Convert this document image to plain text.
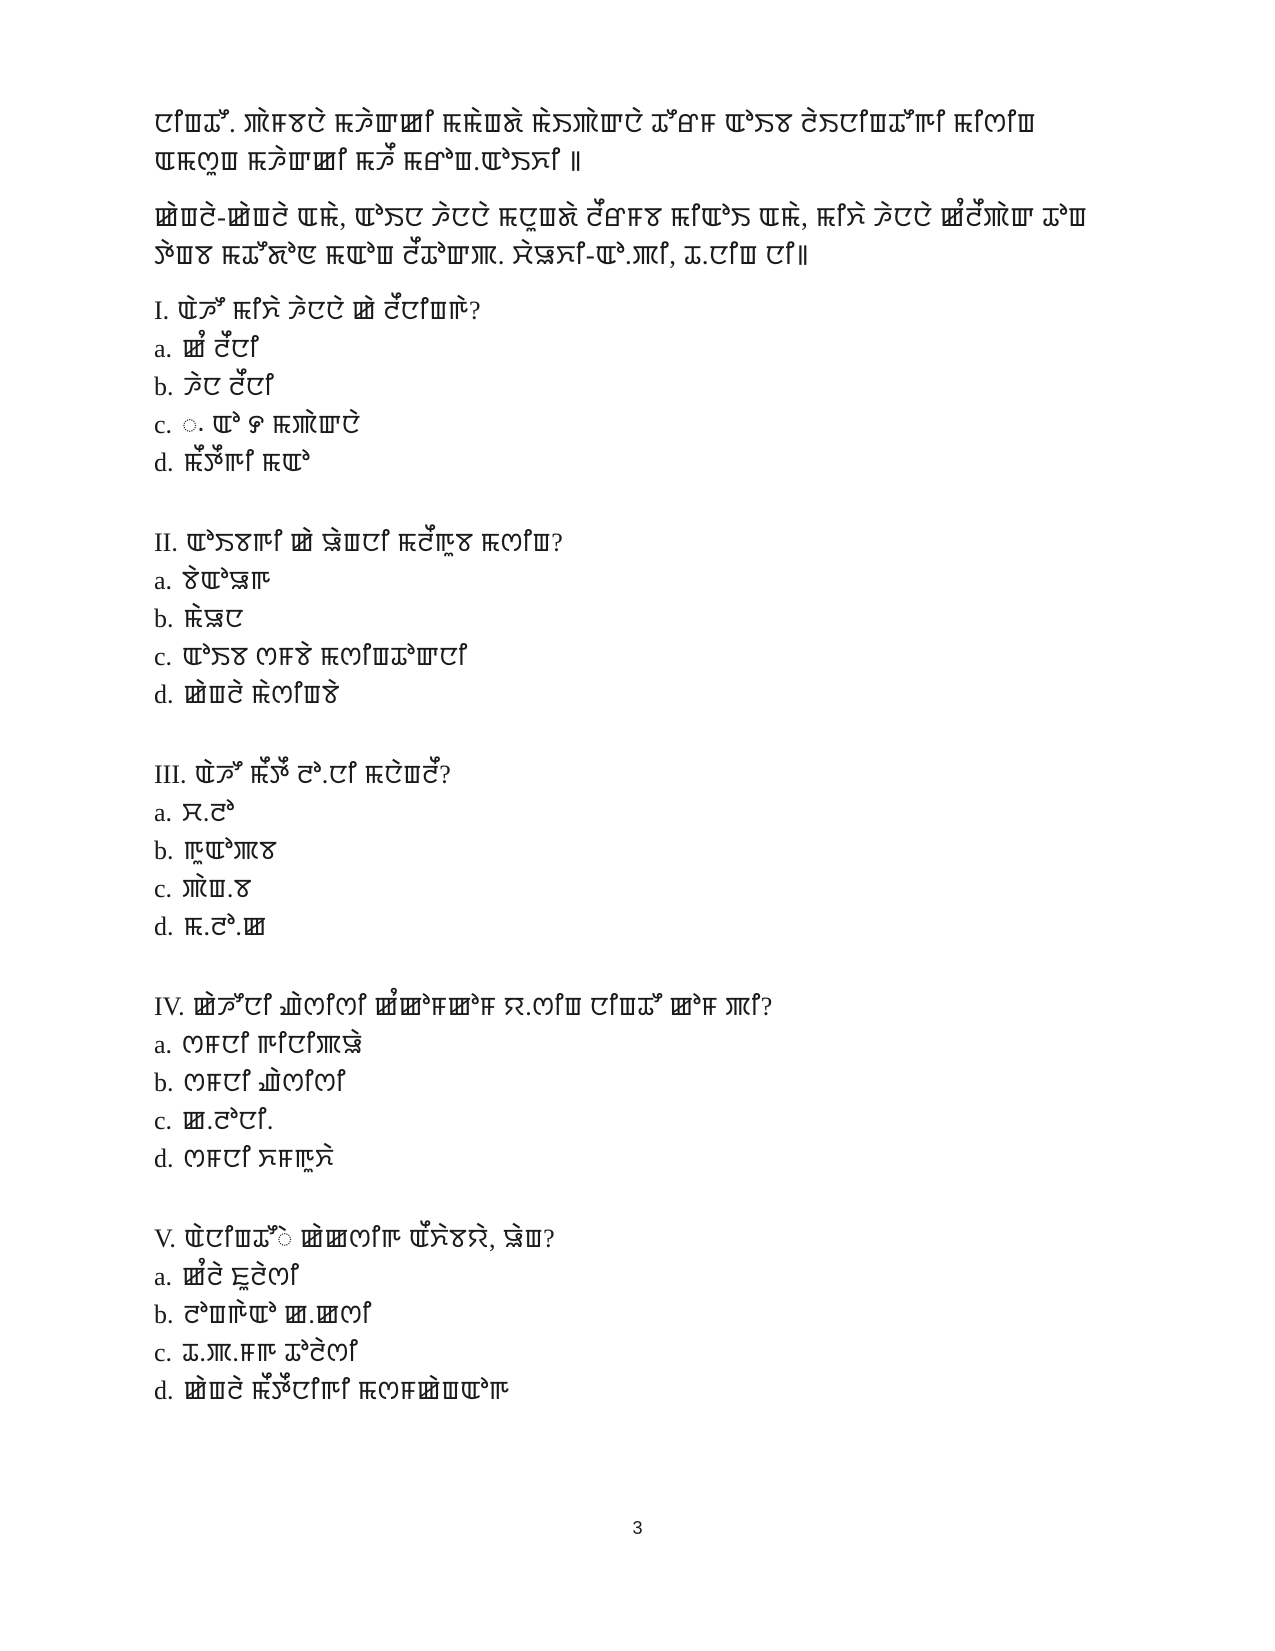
ꯅꯤꯡꯊꯧ. ꯄꯥꯝꯕꯅꯥ ꯃꯍꯥꯛꯀꯤ ꯃꯃꯥꯡꯗꯥ ꯃꯥꯏꯄꯥꯛꯅꯥ ꯊꯧꯔꯝ ꯑꯣꯏꯕ ꯂꯥꯏꯅꯤꯡꯊꯧꯒꯤ ꯃꯤꯁꯤꯡ ꯑꯃꯁꯨꯡ ꯃꯍꯥꯛꯀꯤ ꯃꯍꯩ ꯃꯔꯣꯡ.ꯑꯣꯏꯈꯤ ꯫

ꯀꯥꯡꯂꯥ-ꯀꯥꯡꯂꯥ ꯑꯃꯥ, ꯑꯣꯏꯅ ꯍꯥꯅꯅꯥ ꯃꯅꯨꯡꯗꯥ ꯂꯩꯔꯝꯕ ꯃꯤꯑꯣꯏ ꯑꯃꯥ, ꯃꯤꯈꯥ ꯍꯥꯅꯅꯥ ꯀꯪꯂꯩꯄꯥꯛ ꯊꯣꯡ ꯇꯥꯡꯕ ꯃꯊꯧꯗꯣꯟ ꯃꯑꯣꯡ ꯂꯩꯊꯣꯛꯄ. ꯆꯥꯎꯈꯤ-ꯑꯣ.ꯄꯤ, ꯊ.ꯅꯤꯡ ꯅꯤ꯫

I. ꯑꯥꯍꯧ ꯃꯤꯈꯥ ꯍꯥꯅꯅꯥ ꯀꯥ ꯂꯩꯅꯤꯡꯒꯥ?
a. ꯀꯪ ꯂꯩꯅꯤ
b. ꯍꯥꯅ ꯂꯩꯅꯤ
c. ꯬ ꯑꯣ ꯸ ꯃꯄꯥꯛꯅꯥ
d. ꯃꯩꯇꯩꯒꯤ ꯃꯑꯣ
II. ꯑꯣꯏꯕꯒꯤ ꯀꯥ ꯎꯥꯡꯅꯤ ꯃꯂꯩꯒꯨꯕ ꯃꯁꯤꯡ?
a. ꯕꯥꯑꯣꯎꯒ
b. ꯃꯥꯎꯅ
c. ꯑꯣꯏꯕ ꯁꯝꯕꯥ ꯃꯁꯤꯡꯊꯣꯛꯅꯤ
d. ꯀꯥꯡꯂꯥ ꯃꯥꯁꯤꯡꯕꯥ
III. ꯑꯥꯍꯧ ꯃꯩꯇꯩ ꯂꯣ.ꯅꯤ ꯃꯅꯥꯡꯂꯩ?
a. ꯆ.ꯂꯣ
b. ꯒꯨꯑꯣꯄꯕ
c. ꯄꯥꯡ.ꯕ
d. ꯃ.ꯂꯣ.ꯀ
IV. ꯀꯥꯍꯧꯅꯤ ꯉꯥꯁꯤꯁꯤ ꯀꯪꯀꯣꯝꯀꯣꯝ ꯌ.ꯁꯤꯡ ꯅꯤꯡꯊꯧ ꯀꯣꯝ ꯄꯤ?
a. ꯁꯝꯅꯤ ꯒꯤꯅꯤꯄꯎꯥ
b. ꯁꯝꯅꯤ ꯉꯥꯁꯤꯁꯤ
c. ꯀ.ꯂꯣꯅꯤ.
d. ꯁꯝꯅꯤ ꯈꯝꯒꯨꯈꯥ
V. ꯑꯥꯅꯤꯡꯊꯧꯥ ꯀꯥꯀꯁꯤꯒ ꯑꯩꯈꯥꯕꯌꯥ, ꯎꯥꯡ?
a. ꯀꯪꯂꯥ ꯐꯨꯂꯥꯁꯤ
b. ꯂꯣꯡꯒꯥꯑꯣ ꯀ.ꯀꯁꯤ
c. ꯊ.ꯄ.ꯝꯒ ꯊꯣꯂꯥꯁꯤ
d. ꯀꯥꯡꯂꯥ ꯃꯩꯇꯩꯅꯤꯒꯤ ꯃꯁꯝꯀꯥꯡꯑꯣꯒ
3
